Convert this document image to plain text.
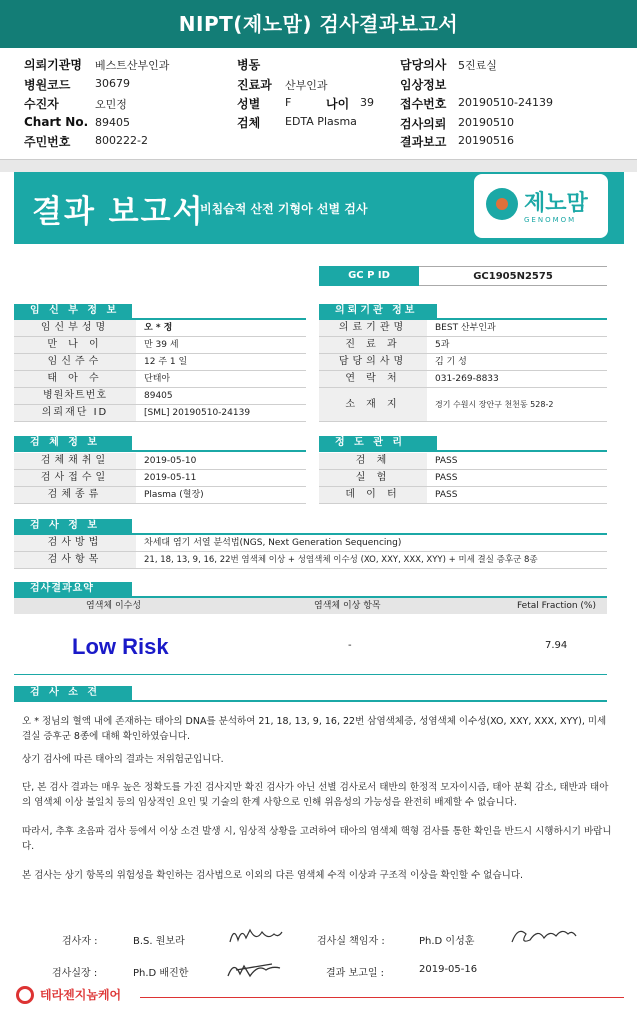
NIPT(제노맘) 검사결과보고서
의뢰기관명 베스트산부인과
병원코드 30679
수진자	오민정
Chart No. 89405
주민번호 800222-2
병동
진료과 산부인과
성별 F	나이 39
검체 EDTA Plasma
담당의사 5진료실
임상정보
접수번호 20190510-24139
검사의뢰 20190510
결과보고 20190516
결과 보고서
비침습적 산전 기형아 선별 검사	제노맘
GENOMOM
GC P ID	GC1905N2575
임 신 부 정 보
임신부성명	오 * 정
만 나 이	만 39 세
임신주수	12 주 1 일
태 아 수	단태아
병원차트번호	89405
의뢰재단 ID	[SML] 20190510-24139
의뢰기관 정보
의료기관명	BEST 산부인과
진 료 과	5과
담당의사명	김 기 성
연 락 처	031-269-8833
소 재 지	경기 수원시 장안구 천천동 528-2
검 체 정 보
검체채취일	2019-05-10
검사접수일	2019-05-11
검체종류	Plasma (혈장)
정 도 관 리
검 체	PASS
실 험	PASS
데 이 터	PASS
검 사 정 보
검사방법	차세대 염기 서열 분석법(NGS, Next Generation Sequencing)
검사항목	21, 18, 13, 9, 16, 22번 염색체 이상 + 성염색체 이수성 (XO, XXY, XXX, XYY) + 미세 결실 증후군 8종
검사결과요약
염색체 이수성	염색체 이상 항목	Fetal Fraction (%)
Low Risk	-	7.94
검 사 소 견

오 * 정님의 혈액 내에 존재하는 태아의 DNA를 분석하여 21, 18, 13, 9, 16, 22번 삼염색체증, 성염색체 이수성(XO, XXY, XXX, XYY), 미세 결실 증후군 8종에 대해 확인하였습니다.

상기 검사에 따른 태아의 결과는 저위험군입니다.

단, 본 검사 결과는 매우 높은 정확도를 가진 검사지만 확진 검사가 아닌 선별 검사로서 태반의 한정적 모자이시즘, 태아 분획 감소, 태반과 태아의 염색체 이상 불일치 등의 임상적인 요인 및 기술의 한계 사항으로 인해 위음성의 가능성을 완전히 배제할 수 없습니다.

따라서, 추후 초음파 검사 등에서 이상 소견 발생 시, 임상적 상황을 고려하여 태아의 염색체 핵형 검사를 통한 확인을 반드시 시행하시기 바랍니다.

본 검사는 상기 항목의 위험성을 확인하는 검사법으로 이외의 다른 염색체 수적 이상과 구조적 이상을 확인할 수 없습니다.

검사자 :	B.S. 원보라	검사실 책임자 :	Ph.D 이성훈
검사실장 :	Ph.D 배진한	결과 보고일 :	2019-05-16
테라젠지놈케어
